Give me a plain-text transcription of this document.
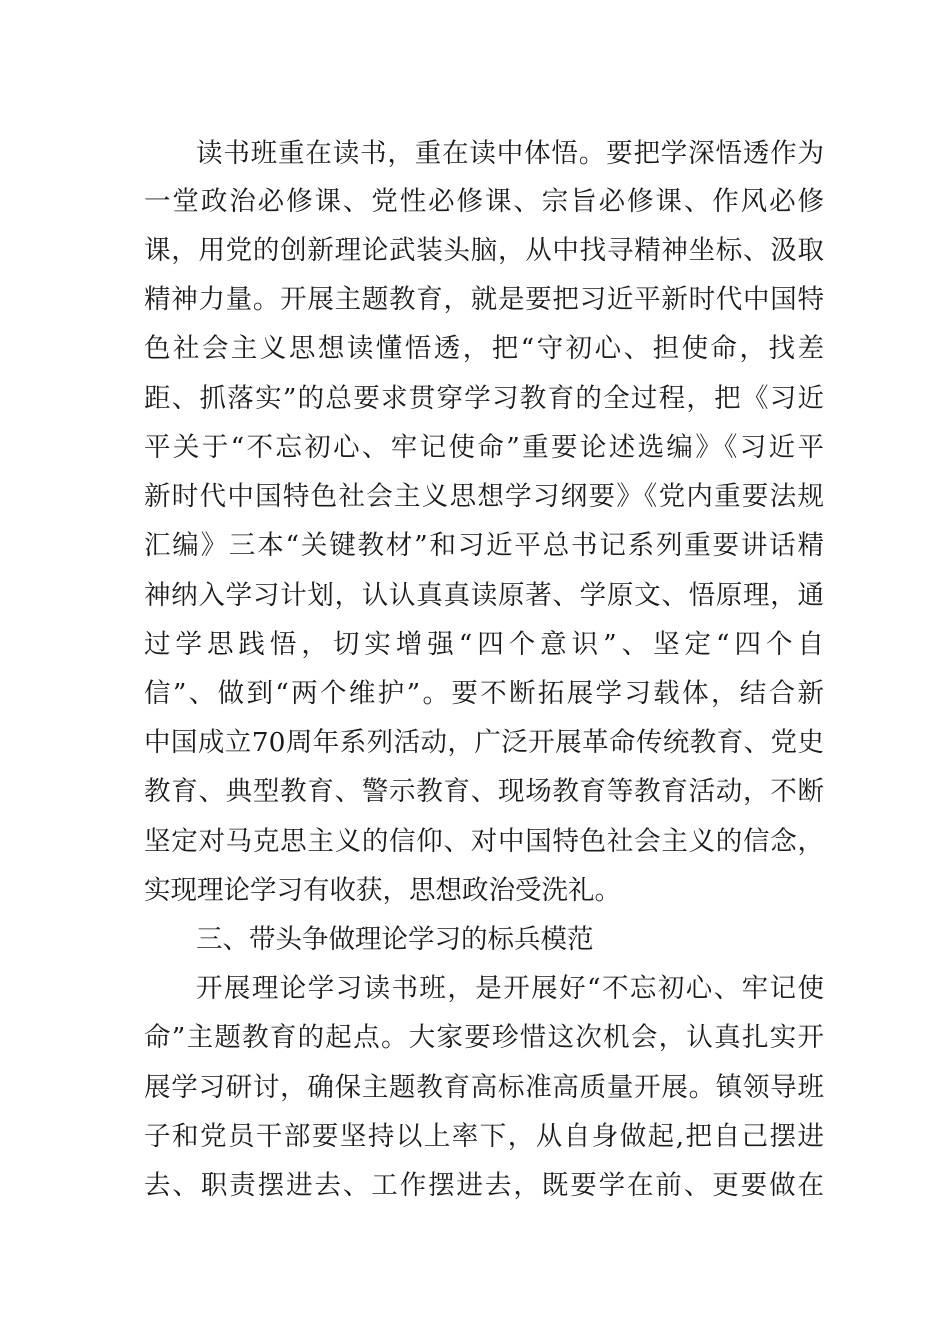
读书班重在读书，重在读中体悟。要把学深悟透作为
一堂政治必修课、党性必修课、宗旨必修课、作风必修
课，用党的创新理论武装头脑，从中找寻精神坐标、汲取
精神力量。开展主题教育，就是要把习近平新时代中国特
色社会主义思想读懂悟透，把“守初心、担使命，找差
距、抓落实”的总要求贯穿学习教育的全过程，把《习近
平关于“不忘初心、牢记使命”重要论述选编》《习近平
新时代中国特色社会主义思想学习纲要》《党内重要法规
汇编》三本“关键教材”和习近平总书记系列重要讲话精
神纳入学习计划，认认真真读原著、学原文、悟原理，通
过学思践悟，切实增强“四个意识”、坚定“四个自
信”、做到“两个维护”。要不断拓展学习载体，结合新
中国成立70周年系列活动，广泛开展革命传统教育、党史
教育、典型教育、警示教育、现场教育等教育活动，不断
坚定对马克思主义的信仰、对中国特色社会主义的信念，
实现理论学习有收获，思想政治受洗礼。
三、带头争做理论学习的标兵模范
开展理论学习读书班，是开展好“不忘初心、牢记使
命”主题教育的起点。大家要珍惜这次机会，认真扎实开
展学习研讨，确保主题教育高标准高质量开展。镇领导班
子和党员干部要坚持以上率下，从自身做起,把自己摆进
去、职责摆进去、工作摆进去，既要学在前、更要做在
